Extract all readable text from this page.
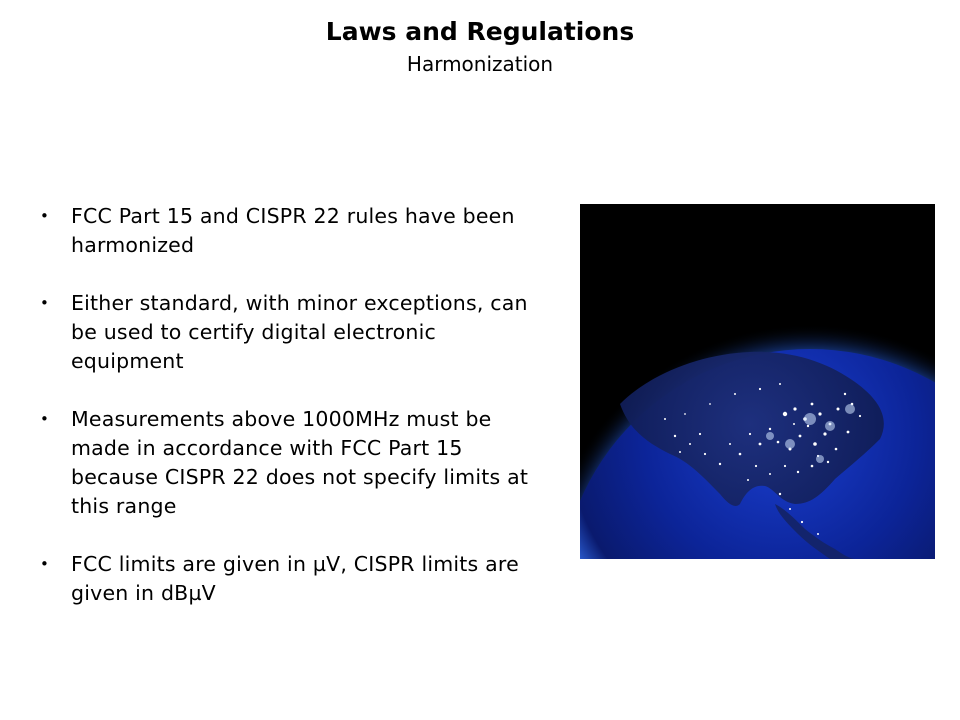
Laws and Regulations
Harmonization
• FCC Part 15 and CISPR 22 rules have been harmonized
• Either standard, with minor exceptions, can be used to certify digital electronic equipment
• Measurements above 1000MHz must be made in accordance with FCC Part 15 because CISPR 22 does not specify limits at this range
• FCC limits are given in µV, CISPR limits are given in dBµV
